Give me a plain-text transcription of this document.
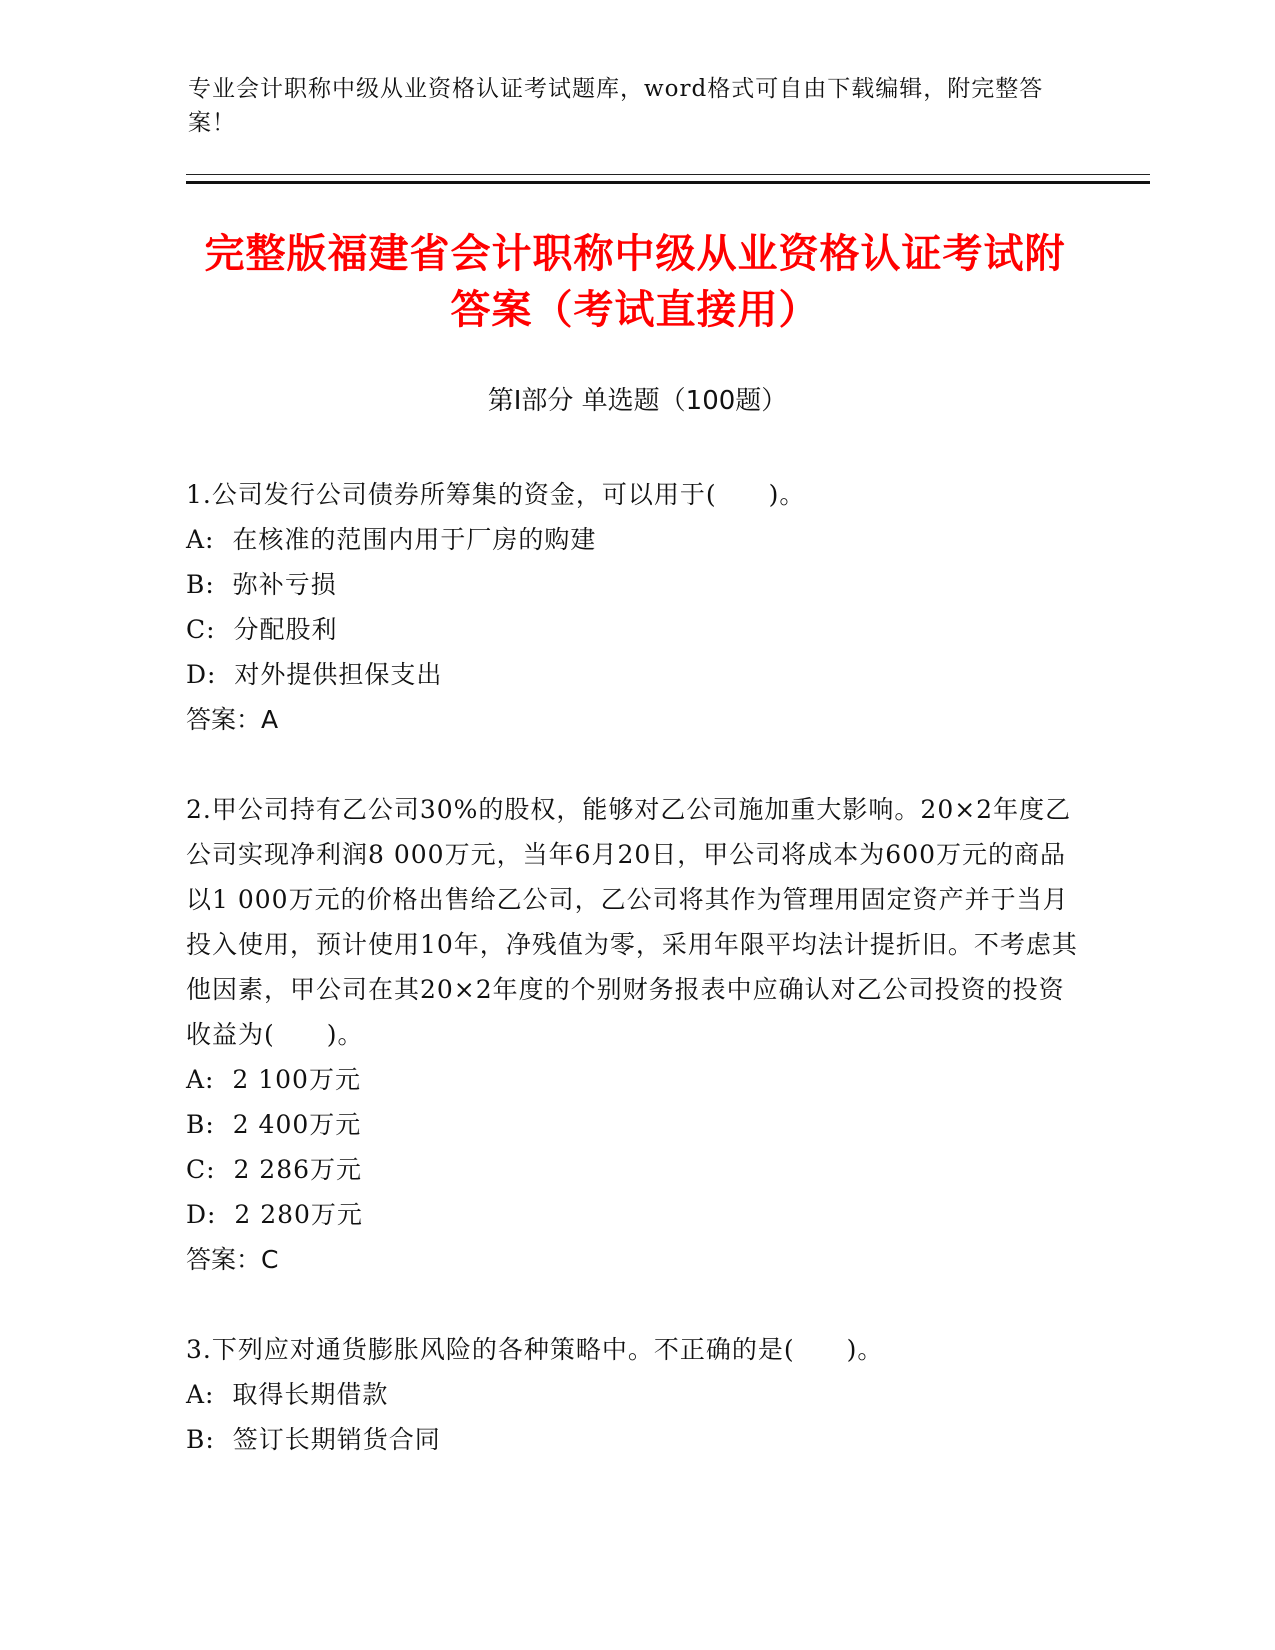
专业会计职称中级从业资格认证考试题库，word格式可自由下载编辑，附完整答案！
完整版福建省会计职称中级从业资格认证考试附答案（考试直接用）
第Ⅰ部分 单选题（100题）
1.公司发行公司债券所筹集的资金，可以用于(　　)。
A:  在核准的范围内用于厂房的购建
B:  弥补亏损
C:  分配股利
D:  对外提供担保支出
答案：A
2.甲公司持有乙公司30%的股权，能够对乙公司施加重大影响。20×2年度乙公司实现净利润8 000万元，当年6月20日，甲公司将成本为600万元的商品以1 000万元的价格出售给乙公司，乙公司将其作为管理用固定资产并于当月投入使用，预计使用10年，净残值为零，采用年限平均法计提折旧。不考虑其他因素，甲公司在其20×2年度的个别财务报表中应确认对乙公司投资的投资收益为(　　)。
A:  2 100万元
B:  2 400万元
C:  2 286万元
D:  2 280万元
答案：C
3.下列应对通货膨胀风险的各种策略中。不正确的是(　　)。
A:  取得长期借款
B:  签订长期销货合同
